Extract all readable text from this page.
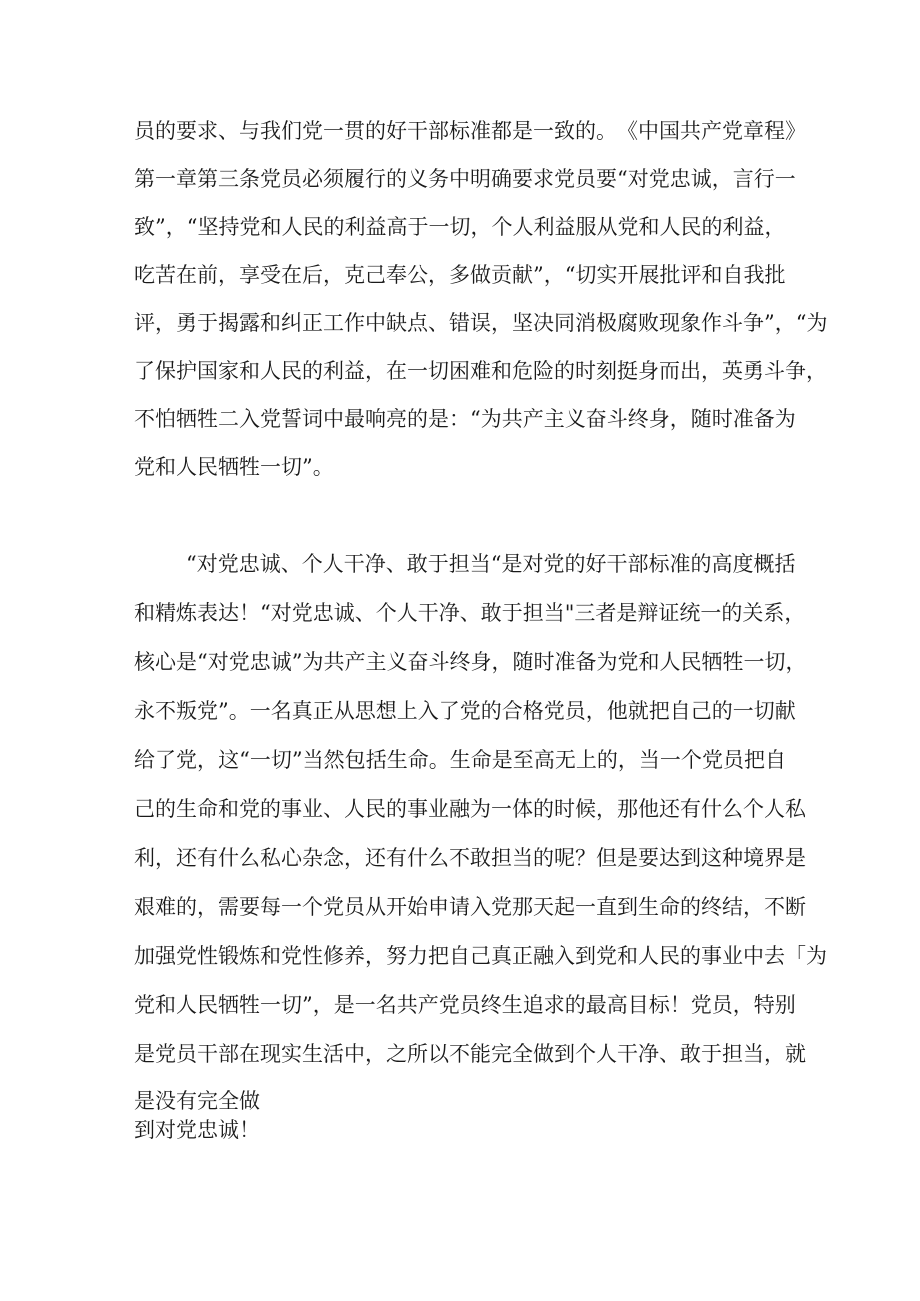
员 的 要 求 、 与 我 们 党 一 贯 的 好 干 部 标 准 都 是 一 致 的 。 《 中 国 共 产 党 章 程 》
第 一 章 第 三 条 党 员 必 须 履 行 的 义 务 中 明 确 要 求 党 员 要 “ 对 党 忠 诚 ， 言 行 一
致 ” ， “ 坚 持 党 和 人 民 的 利 益 高 于 一 切 ， 个 人 利 益 服 从 党 和 人 民 的 利 益 ，
吃 苦 在 前 ， 享 受 在 后 ， 克 己 奉 公 ， 多 做 贡 献 ” ， “ 切 实 开 展 批 评 和 自 我 批
评 ， 勇 于 揭 露 和 纠 正 工 作 中 缺 点 、 错 误 ， 坚 决 同 消 极 腐 败 现 象 作 斗 争 ” ， “ 为
了 保 护 国 家 和 人 民 的 利 益 ， 在 一 切 困 难 和 危 险 的 时 刻 挺 身 而 出 ， 英 勇 斗 争 ，
不 怕 牺 牲 二 入 党 誓 词 中 最 响 亮 的 是 ： “ 为 共 产 主 义 奋 斗 终 身 ， 随 时 准 备 为
党和人民牺牲一切”。
“ 对 党 忠 诚 、 个 人 干 净 、 敢 于 担 当 “ 是 对 党 的 好 干 部 标 准 的 高 度 概 括
和 精 炼 表 达 ！ “ 对 党 忠 诚 、 个 人 干 净 、 敢 于 担 当 " 三 者 是 辩 证 统 一 的 关 系 ，
核 心 是 “ 对 党 忠 诚 ” 为 共 产 主 义 奋 斗 终 身 ， 随 时 准 备 为 党 和 人 民 牺 牲 一 切 ，
永 不 叛 党 ” 。 一 名 真 正 从 思 想 上 入 了 党 的 合 格 党 员 ， 他 就 把 自 己 的 一 切 献
给 了 党 ， 这 “ 一 切 ” 当 然 包 括 生 命 。 生 命 是 至 高 无 上 的 ， 当 一 个 党 员 把 自
己 的 生 命 和 党 的 事 业 、 人 民 的 事 业 融 为 一 体 的 时 候 ， 那 他 还 有 什 么 个 人 私
利 ， 还 有 什 么 私 心 杂 念 ， 还 有 什 么 不 敢 担 当 的 呢 ？ 但 是 要 达 到 这 种 境 界 是
艰 难 的 ， 需 要 每 一 个 党 员 从 开 始 申 请 入 党 那 天 起 一 直 到 生 命 的 终 结 ， 不 断
加 强 党 性 锻 炼 和 党 性 修 养 ， 努 力 把 自 己 真 正 融 入 到 党 和 人 民 的 事 业 中 去 「 为
党 和 人 民 牺 牲 一 切 ” ， 是 一 名 共 产 党 员 终 生 追 求 的 最 高 目 标 ！ 党 员 ， 特 别
是 党 员 干 部 在 现 实 生 活 中 ， 之 所 以 不 能 完 全 做 到 个 人 干 净 、 敢 于 担 当 ， 就
是没有完全做
到对党忠诚！
